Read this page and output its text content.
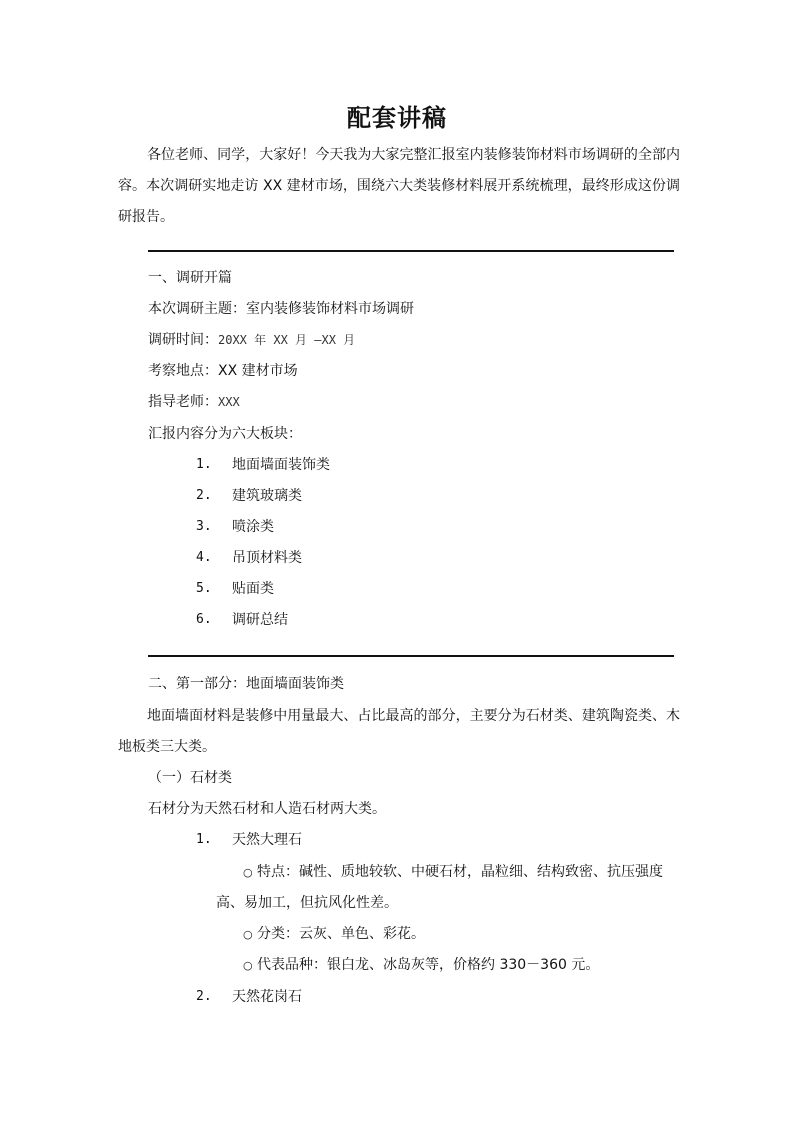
配套讲稿
各位老师、同学，大家好！今天我为大家完整汇报室内装修装饰材料市场调研的全部内容。本次调研实地走访 XX 建材市场，围绕六大类装修材料展开系统梳理，最终形成这份调研报告。
一、调研开篇
本次调研主题：室内装修装饰材料市场调研
调研时间：20XX 年 XX 月 —XX 月
考察地点：XX 建材市场
指导老师：XXX
汇报内容分为六大板块：
1. 地面墙面装饰类
2. 建筑玻璃类
3. 喷涂类
4. 吊顶材料类
5. 贴面类
6. 调研总结
二、第一部分：地面墙面装饰类
地面墙面材料是装修中用量最大、占比最高的部分，主要分为石材类、建筑陶瓷类、木地板类三大类。
（一）石材类
石材分为天然石材和人造石材两大类。
1. 天然大理石
○ 特点：碱性、质地较软、中硬石材，晶粒细、结构致密、抗压强度高、易加工，但抗风化性差。
○ 分类：云灰、单色、彩花。
○ 代表品种：银白龙、冰岛灰等，价格约 330－360 元。
2. 天然花岗石
